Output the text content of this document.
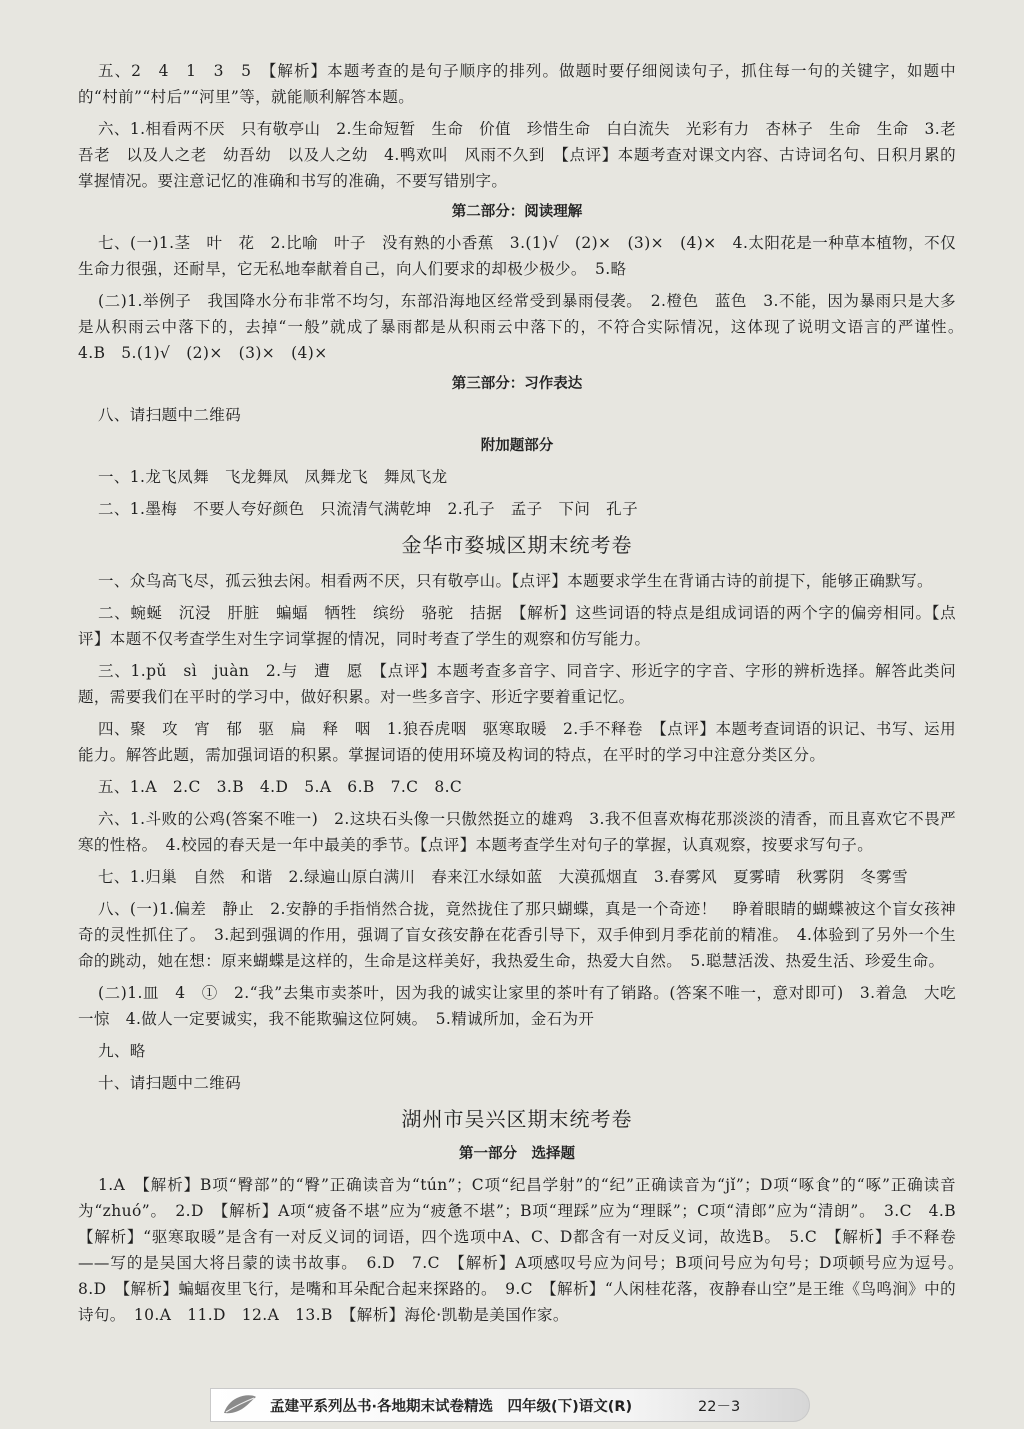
五、2　4　1　3　5　【解析】本题考查的是句子顺序的排列。做题时要仔细阅读句子，抓住每一句的关键字，如题中的“村前”“村后”“河里”等，就能顺利解答本题。

六、1.相看两不厌　只有敬亭山　2.生命短暂　生命　价值　珍惜生命　白白流失　光彩有力　杏林子　生命　生命　3.老吾老　以及人之老　幼吾幼　以及人之幼　4.鸭欢叫　风雨不久到　【点评】本题考查对课文内容、古诗词名句、日积月累的掌握情况。要注意记忆的准确和书写的准确，不要写错别字。

第二部分：阅读理解

七、(一)1.茎　叶　花　2.比喻　叶子　没有熟的小香蕉　3.(1)√　(2)×　(3)×　(4)×　4.太阳花是一种草本植物，不仅生命力很强，还耐旱，它无私地奉献着自己，向人们要求的却极少极少。　5.略

(二)1.举例子　我国降水分布非常不均匀，东部沿海地区经常受到暴雨侵袭。　2.橙色　蓝色　3.不能，因为暴雨只是大多是从积雨云中落下的，去掉“一般”就成了暴雨都是从积雨云中落下的，不符合实际情况，这体现了说明文语言的严谨性。　4.B　5.(1)√　(2)×　(3)×　(4)×

第三部分：习作表达

八、请扫题中二维码

附加题部分

一、1.龙飞凤舞　飞龙舞凤　凤舞龙飞　舞凤飞龙

二、1.墨梅　不要人夸好颜色　只流清气满乾坤　2.孔子　孟子　下问　孔子

金华市婺城区期末统考卷

一、众鸟高飞尽，孤云独去闲。相看两不厌，只有敬亭山。【点评】本题要求学生在背诵古诗的前提下，能够正确默写。

二、蜿蜒　沉浸　肝脏　蝙蝠　牺牲　缤纷　骆驼　拮据　【解析】这些词语的特点是组成词语的两个字的偏旁相同。【点评】本题不仅考查学生对生字词掌握的情况，同时考查了学生的观察和仿写能力。

三、1.pǔ　sì　juàn　2.与　遭　愿　【点评】本题考查多音字、同音字、形近字的字音、字形的辨析选择。解答此类问题，需要我们在平时的学习中，做好积累。对一些多音字、形近字要着重记忆。

四、聚　攻　宵　郁　驱　扁　释　咽　1.狼吞虎咽　驱寒取暖　2.手不释卷　【点评】本题考查词语的识记、书写、运用能力。解答此题，需加强词语的积累。掌握词语的使用环境及构词的特点，在平时的学习中注意分类区分。

五、1.A　2.C　3.B　4.D　5.A　6.B　7.C　8.C

六、1.斗败的公鸡(答案不唯一)　2.这块石头像一只傲然挺立的雄鸡　3.我不但喜欢梅花那淡淡的清香，而且喜欢它不畏严寒的性格。　4.校园的春天是一年中最美的季节。【点评】本题考查学生对句子的掌握，认真观察，按要求写句子。

七、1.归巢　自然　和谐　2.绿遍山原白满川　春来江水绿如蓝　大漠孤烟直　3.春雾风　夏雾晴　秋雾阴　冬雾雪

八、(一)1.偏差　静止　2.安静的手指悄然合拢，竟然拢住了那只蝴蝶，真是一个奇迹！　睁着眼睛的蝴蝶被这个盲女孩神奇的灵性抓住了。　3.起到强调的作用，强调了盲女孩安静在花香引导下，双手伸到月季花前的精准。　4.体验到了另外一个生命的跳动，她在想：原来蝴蝶是这样的，生命是这样美好，我热爱生命，热爱大自然。　5.聪慧活泼、热爱生活、珍爱生命。

(二)1.皿　4　①　2.“我”去集市卖茶叶，因为我的诚实让家里的茶叶有了销路。(答案不唯一，意对即可)　3.着急　大吃一惊　4.做人一定要诚实，我不能欺骗这位阿姨。　5.精诚所加，金石为开

九、略

十、请扫题中二维码

湖州市吴兴区期末统考卷
第一部分　选择题

1.A　【解析】B项“臀部”的“臀”正确读音为“tún”；C项“纪昌学射”的“纪”正确读音为“jǐ”；D项“啄食”的“啄”正确读音为“zhuó”。　2.D　【解析】A项“疲备不堪”应为“疲惫不堪”；B项“理踩”应为“理睬”；C项“清郎”应为“清朗”。　3.C　4.B　【解析】“驱寒取暖”是含有一对反义词的词语，四个选项中A、C、D都含有一对反义词，故选B。　5.C　【解析】手不释卷——写的是吴国大将吕蒙的读书故事。　6.D　7.C　【解析】A项感叹号应为问号；B项问号应为句号；D项顿号应为逗号。　8.D　【解析】蝙蝠夜里飞行，是嘴和耳朵配合起来探路的。　9.C　【解析】“人闲桂花落，夜静春山空”是王维《鸟鸣涧》中的诗句。　10.A　11.D　12.A　13.B　【解析】海伦·凯勒是美国作家。

孟建平系列丛书·各地期末试卷精选　四年级(下)语文(R)	22－3
